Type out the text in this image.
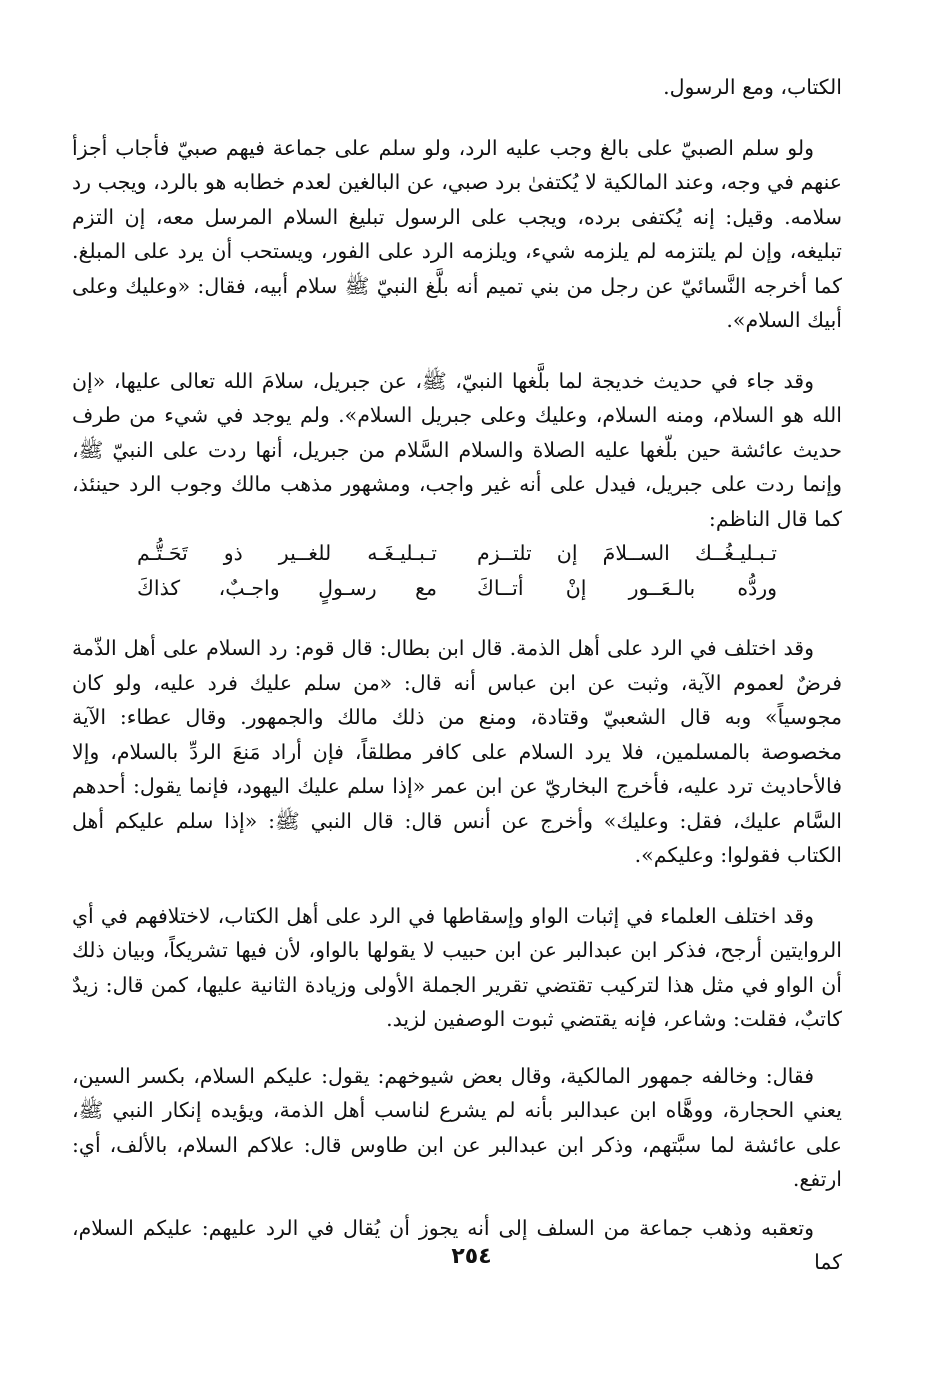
الكتاب، ومع الرسول.

ولو سلم الصبيّ على بالغ وجب عليه الرد، ولو سلم على جماعة فيهم صبيّ فأجاب أجزأ عنهم في وجه، وعند المالكية لا يُكتفىٰ برد صبي، عن البالغين لعدم خطابه هو بالرد، ويجب رد سلامه. وقيل: إنه يُكتفى برده، ويجب على الرسول تبليغ السلام المرسل معه، إن التزم تبليغه، وإن لم يلتزمه لم يلزمه شيء، ويلزمه الرد على الفور، ويستحب أن يرد على المبلغ. كما أخرجه النَّسائيّ عن رجل من بني تميم أنه بلَّغ النبيّ ﷺ سلام أبيه، فقال: «وعليك وعلى أبيك السلام».

وقد جاء في حديث خديجة لما بلَّغها النبيّ، ﷺ، عن جبريل، سلامَ الله تعالى عليها، «إن الله هو السلام، ومنه السلام، وعليك وعلى جبريل السلام». ولم يوجد في شيء من طرف حديث عائشة حين بلّغها عليه الصلاة والسلام السَّلام من جبريل، أنها ردت على النبيّ ﷺ، وإنما ردت على جبريل، فيدل على أنه غير واجب، ومشهور مذهب مالك وجوب الرد حينئذ، كما قال الناظم:

تـبـليـغُــك الســلامَ إن تلتــزم
تـبـليـغَـه للغــير ذو تَحَـتُّـم
وردُّه بالـعَــور إنْ أتــاكَ
مع رسـولٍ واجـبٌ، كذاكَ

وقد اختلف في الرد على أهل الذمة. قال ابن بطال: قال قوم: رد السلام على أهل الذّمة فرضٌ لعموم الآية، وثبت عن ابن عباس أنه قال: «من سلم عليك فرد عليه، ولو كان مجوسياً» وبه قال الشعبيّ وقتادة، ومنع من ذلك مالك والجمهور. وقال عطاء: الآية مخصوصة بالمسلمين، فلا يرد السلام على كافر مطلقاً، فإن أراد مَنعَ الردِّ بالسلام، وإلا فالأحاديث ترد عليه، فأخرج البخاريّ عن ابن عمر «إذا سلم عليك اليهود، فإنما يقول: أحدهم السَّام عليك، فقل: وعليك» وأخرج عن أنس قال: قال النبي ﷺ: «إذا سلم عليكم أهل الكتاب فقولوا: وعليكم».

وقد اختلف العلماء في إثبات الواو وإسقاطها في الرد على أهل الكتاب، لاختلافهم في أي الروايتين أرجح، فذكر ابن عبدالبر عن ابن حبيب لا يقولها بالواو، لأن فيها تشريكاً، وبيان ذلك أن الواو في مثل هذا لتركيب تقتضي تقرير الجملة الأولى وزيادة الثانية عليها، كمن قال: زيدٌ كاتبٌ، فقلت: وشاعر، فإنه يقتضي ثبوت الوصفين لزيد.

فقال: وخالفه جمهور المالكية، وقال بعض شيوخهم: يقول: عليكم السلام، بكسر السين، يعني الحجارة، ووهَّاه ابن عبدالبر بأنه لم يشرع لناسب أهل الذمة، ويؤيده إنكار النبي ﷺ، على عائشة لما سبَّتهم، وذكر ابن عبدالبر عن ابن طاوس قال: علاكم السلام، بالألف، أي: ارتفع.

وتعقبه وذهب جماعة من السلف إلى أنه يجوز أن يُقال في الرد عليهم: عليكم السلام، كما

٢٥٤
